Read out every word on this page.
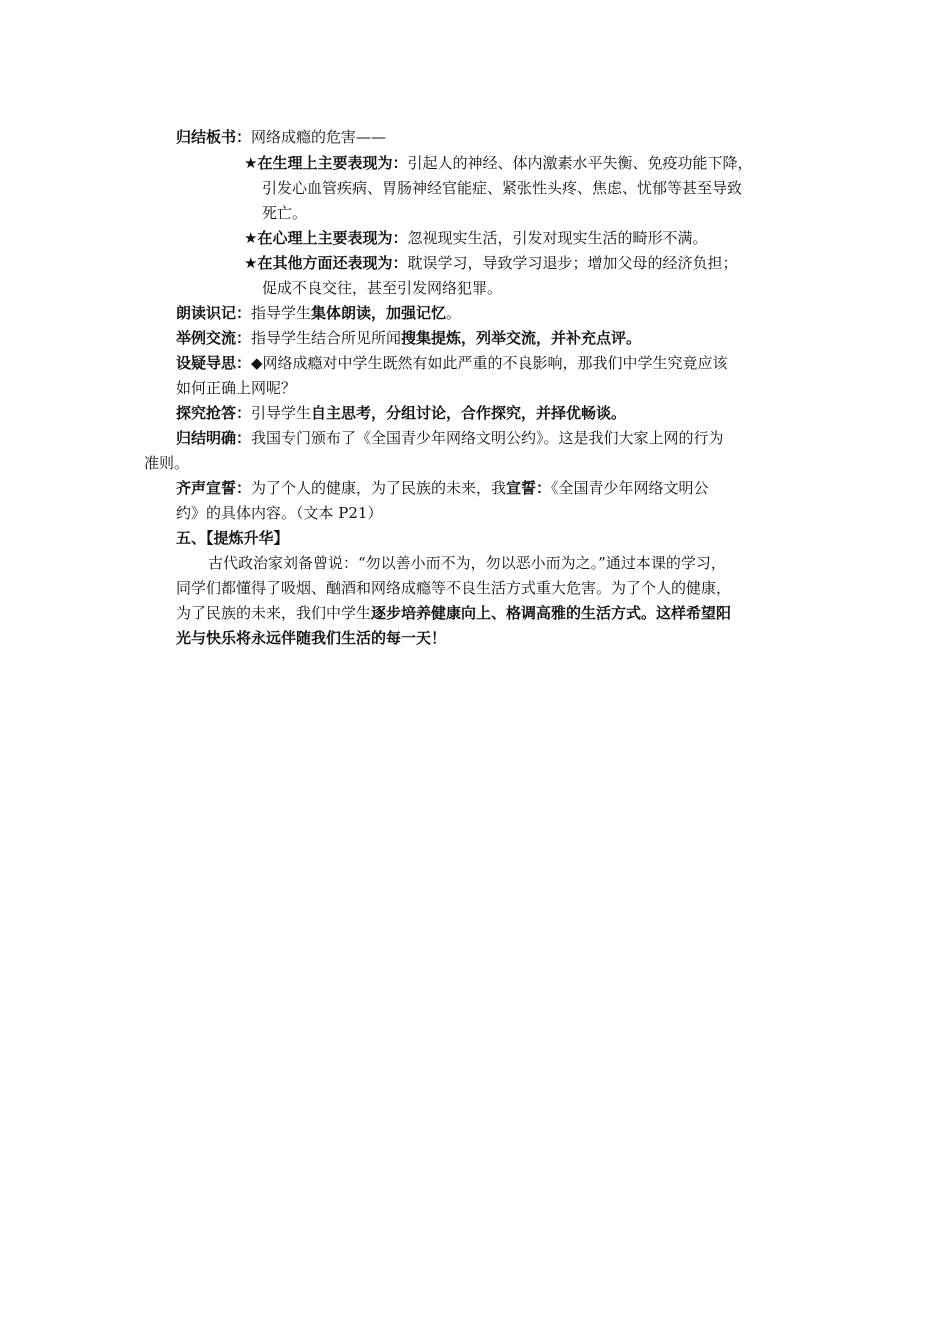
归结板书：网络成瘾的危害——
★在生理上主要表现为：引起人的神经、体内激素水平失衡、免疫功能下降，
引发心血管疾病、胃肠神经官能症、紧张性头疼、焦虑、忧郁等甚至导致
死亡。
★在心理上主要表现为：忽视现实生活，引发对现实生活的畸形不满。
★在其他方面还表现为：耽误学习，导致学习退步；增加父母的经济负担；
促成不良交往，甚至引发网络犯罪。
朗读识记：指导学生集体朗读，加强记忆。
举例交流：指导学生结合所见所闻搜集提炼，列举交流，并补充点评。
设疑导思：◆网络成瘾对中学生既然有如此严重的不良影响，那我们中学生究竟应该
如何正确上网呢？
探究抢答：引导学生自主思考，分组讨论，合作探究，并择优畅谈。
归结明确：我国专门颁布了《全国青少年网络文明公约》。这是我们大家上网的行为
准则。
齐声宣誓：为了个人的健康，为了民族的未来，我宣誓：《全国青少年网络文明公
约》的具体内容。（文本 P21）
五、【提炼升华】
古代政治家刘备曾说：“勿以善小而不为，勿以恶小而为之。”通过本课的学习，
同学们都懂得了吸烟、酗酒和网络成瘾等不良生活方式重大危害。为了个人的健康，
为了民族的未来，我们中学生逐步培养健康向上、格调高雅的生活方式。这样希望阳
光与快乐将永远伴随我们生活的每一天！
